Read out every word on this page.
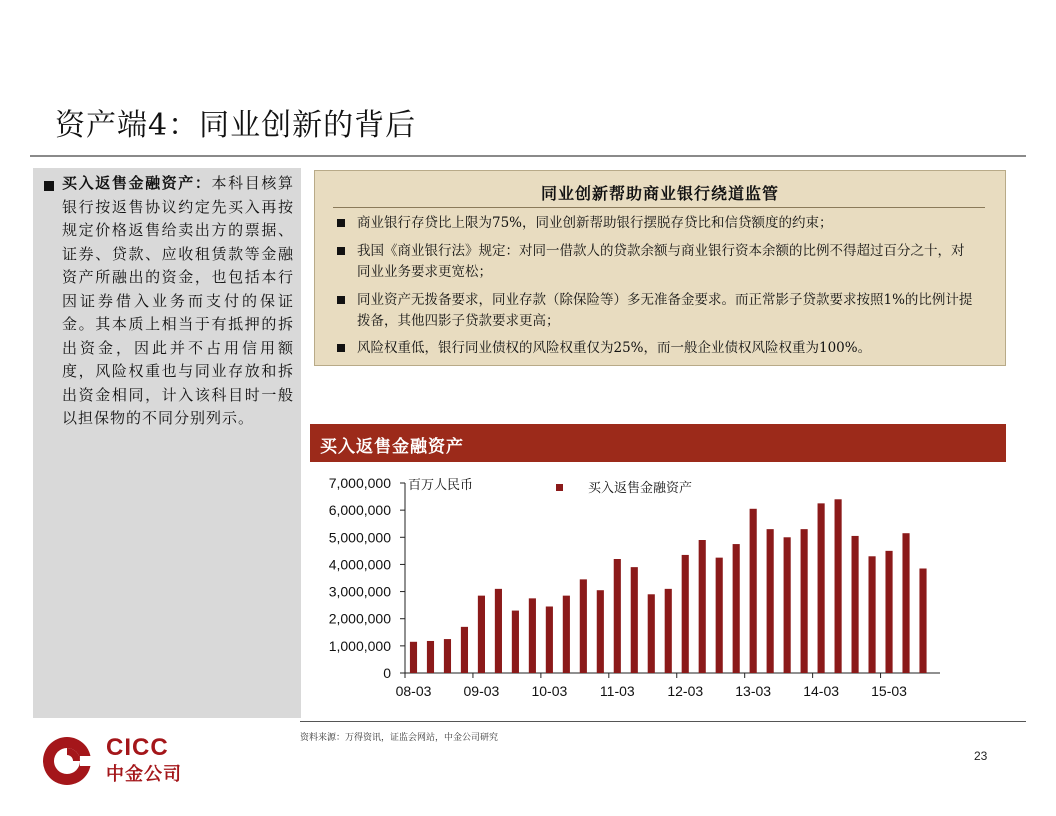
资产端4：同业创新的背后
买入返售金融资产：本科目核算银行按返售协议约定先买入再按规定价格返售给卖出方的票据、证券、贷款、应收租赁款等金融资产所融出的资金，也包括本行因证券借入业务而支付的保证金。其本质上相当于有抵押的拆出资金，因此并不占用信用额度，风险权重也与同业存放和拆出资金相同，计入该科目时一般以担保物的不同分别列示。
同业创新帮助商业银行绕道监管
商业银行存贷比上限为75%，同业创新帮助银行摆脱存贷比和信贷额度的约束；
我国《商业银行法》规定：对同一借款人的贷款余额与商业银行资本余额的比例不得超过百分之十，对同业业务要求更宽松；
同业资产无拨备要求，同业存款（除保险等）多无准备金要求。而正常影子贷款要求按照1%的比例计提拨备，其他四影子贷款要求更高；
风险权重低，银行同业债权的风险权重仅为25%，而一般企业债权风险权重为100%。
买入返售金融资产
0
1,000,000
2,000,000
3,000,000
4,000,000
5,000,000
6,000,000
7,000,000
08-03 09-03 10-03 11-03 12-03 13-03 14-03 15-03
百万人民币	买入返售金融资产
资料来源：万得资讯，证监会网站，中金公司研究
23
CICC
中金公司
